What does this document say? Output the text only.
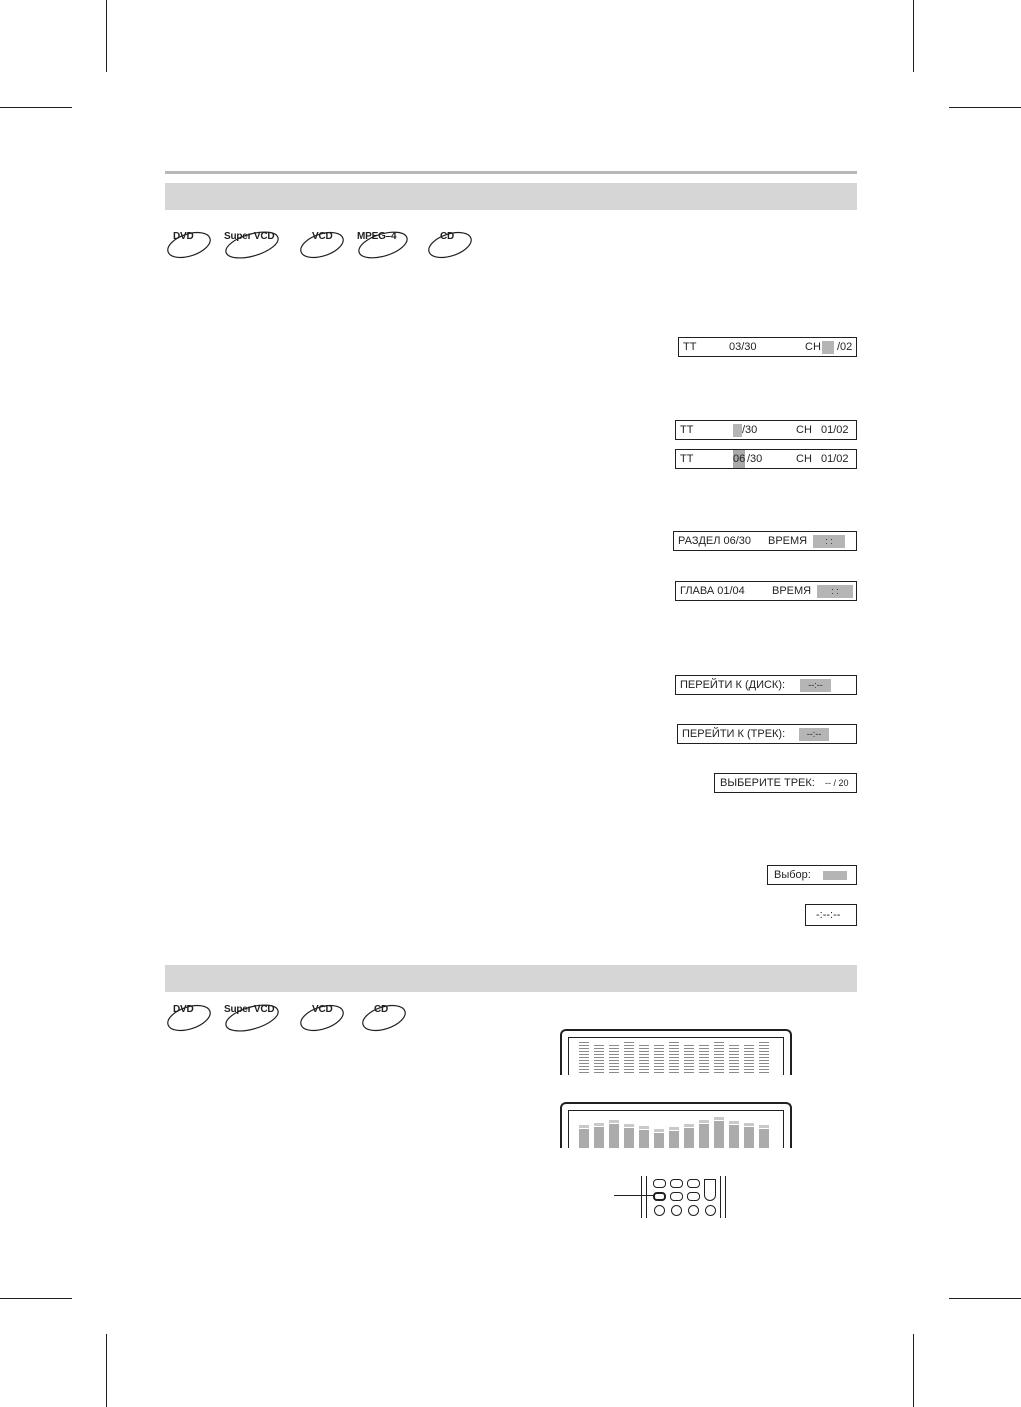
DVD	Super VCD	VCD MPEG–4	CD
TT	03/30	CH /02
TT	/30	CH 01/02
TT	06 /30	CH 01/02
РАЗДЕЛ 06/30 ВРЕМЯ	: :
ГЛАВА 01/04 ВРЕМЯ	: :
ПЕРЕЙТИ К (ДИСК):	--:--
ПЕРЕЙТИ К (ТРЕК):	--:--
ВЫБЕРИТЕ ТРЕК: -- / 20
Выбор:
-:--:--
DVD	Super VCD	VCD	CD
